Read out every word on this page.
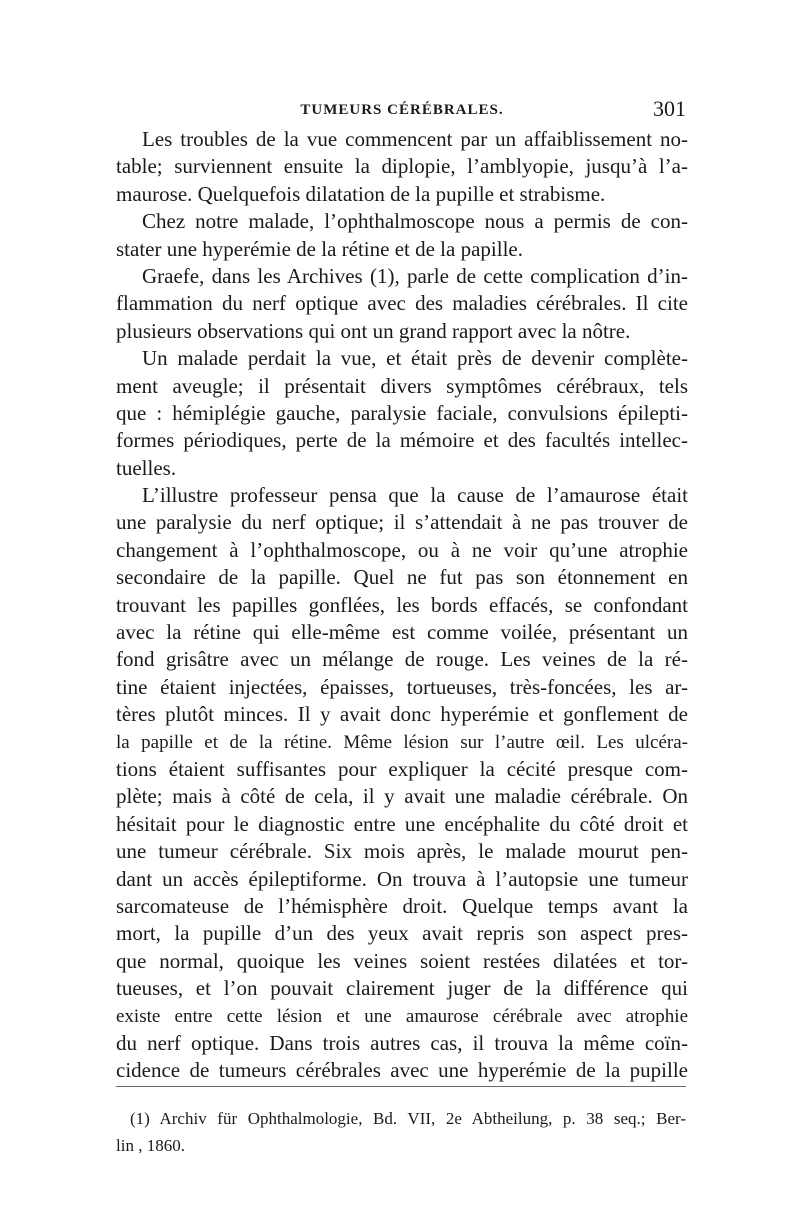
TUMEURS CÉRÉBRALES.	301
Les troubles de la vue commencent par un affaiblissement no-
table; surviennent ensuite la diplopie, l’amblyopie, jusqu’à l’a-
maurose. Quelquefois dilatation de la pupille et strabisme.
Chez notre malade, l’ophthalmoscope nous a permis de con-
stater une hyperémie de la rétine et de la papille.
Graefe, dans les Archives (1), parle de cette complication d’in-
flammation du nerf optique avec des maladies cérébrales. Il cite
plusieurs observations qui ont un grand rapport avec la nôtre.
Un malade perdait la vue, et était près de devenir complète-
ment aveugle; il présentait divers symptômes cérébraux, tels
que : hémiplégie gauche, paralysie faciale, convulsions épilepti-
formes périodiques, perte de la mémoire et des facultés intellec-
tuelles.
L’illustre professeur pensa que la cause de l’amaurose était
une paralysie du nerf optique; il s’attendait à ne pas trouver de
changement à l’ophthalmoscope, ou à ne voir qu’une atrophie
secondaire de la papille. Quel ne fut pas son étonnement en
trouvant les papilles gonflées, les bords effacés, se confondant
avec la rétine qui elle-même est comme voilée, présentant un
fond grisâtre avec un mélange de rouge. Les veines de la ré-
tine étaient injectées, épaisses, tortueuses, très-foncées, les ar-
tères plutôt minces. Il y avait donc hyperémie et gonflement de
la papille et de la rétine. Même lésion sur l’autre œil. Les ulcéra-
tions étaient suffisantes pour expliquer la cécité presque com-
plète; mais à côté de cela, il y avait une maladie cérébrale. On
hésitait pour le diagnostic entre une encéphalite du côté droit et
une tumeur cérébrale. Six mois après, le malade mourut pen-
dant un accès épileptiforme. On trouva à l’autopsie une tumeur
sarcomateuse de l’hémisphère droit. Quelque temps avant la
mort, la pupille d’un des yeux avait repris son aspect pres-
que normal, quoique les veines soient restées dilatées et tor-
tueuses, et l’on pouvait clairement juger de la différence qui
existe entre cette lésion et une amaurose cérébrale avec atrophie
du nerf optique. Dans trois autres cas, il trouva la même coïn-
cidence de tumeurs cérébrales avec une hyperémie de la pupille
(1) Archiv für Ophthalmologie, Bd. VII, 2e Abtheilung, p. 38 seq.; Ber-
lin , 1860.
